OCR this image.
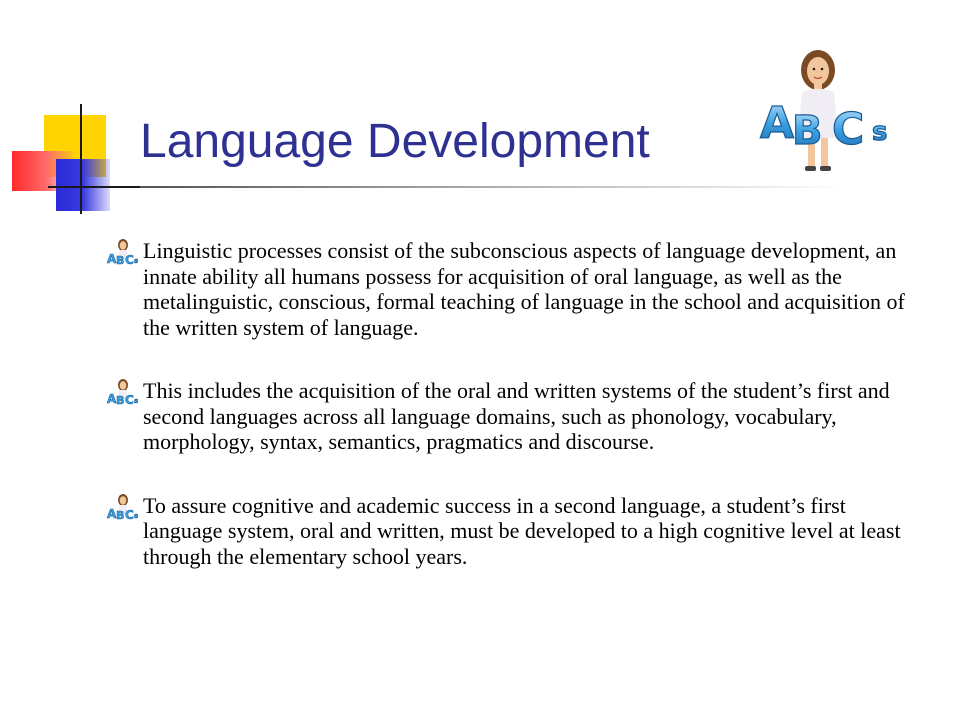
Language Development	A
B C s
A B C s Linguistic processes consist of the subconscious aspects of language development, an innate ability all humans possess for acquisition of oral language, as well as the metalinguistic, conscious, formal teaching of language in the school and acquisition of the written system of language.
A B C s This includes the acquisition of the oral and written systems of the student’s first and second languages across all language domains, such as phonology, vocabulary, morphology, syntax, semantics, pragmatics and discourse.
A B C s To assure cognitive and academic success in a second language, a student’s first language system, oral and written, must be developed to a high cognitive level at least through the elementary school years.
